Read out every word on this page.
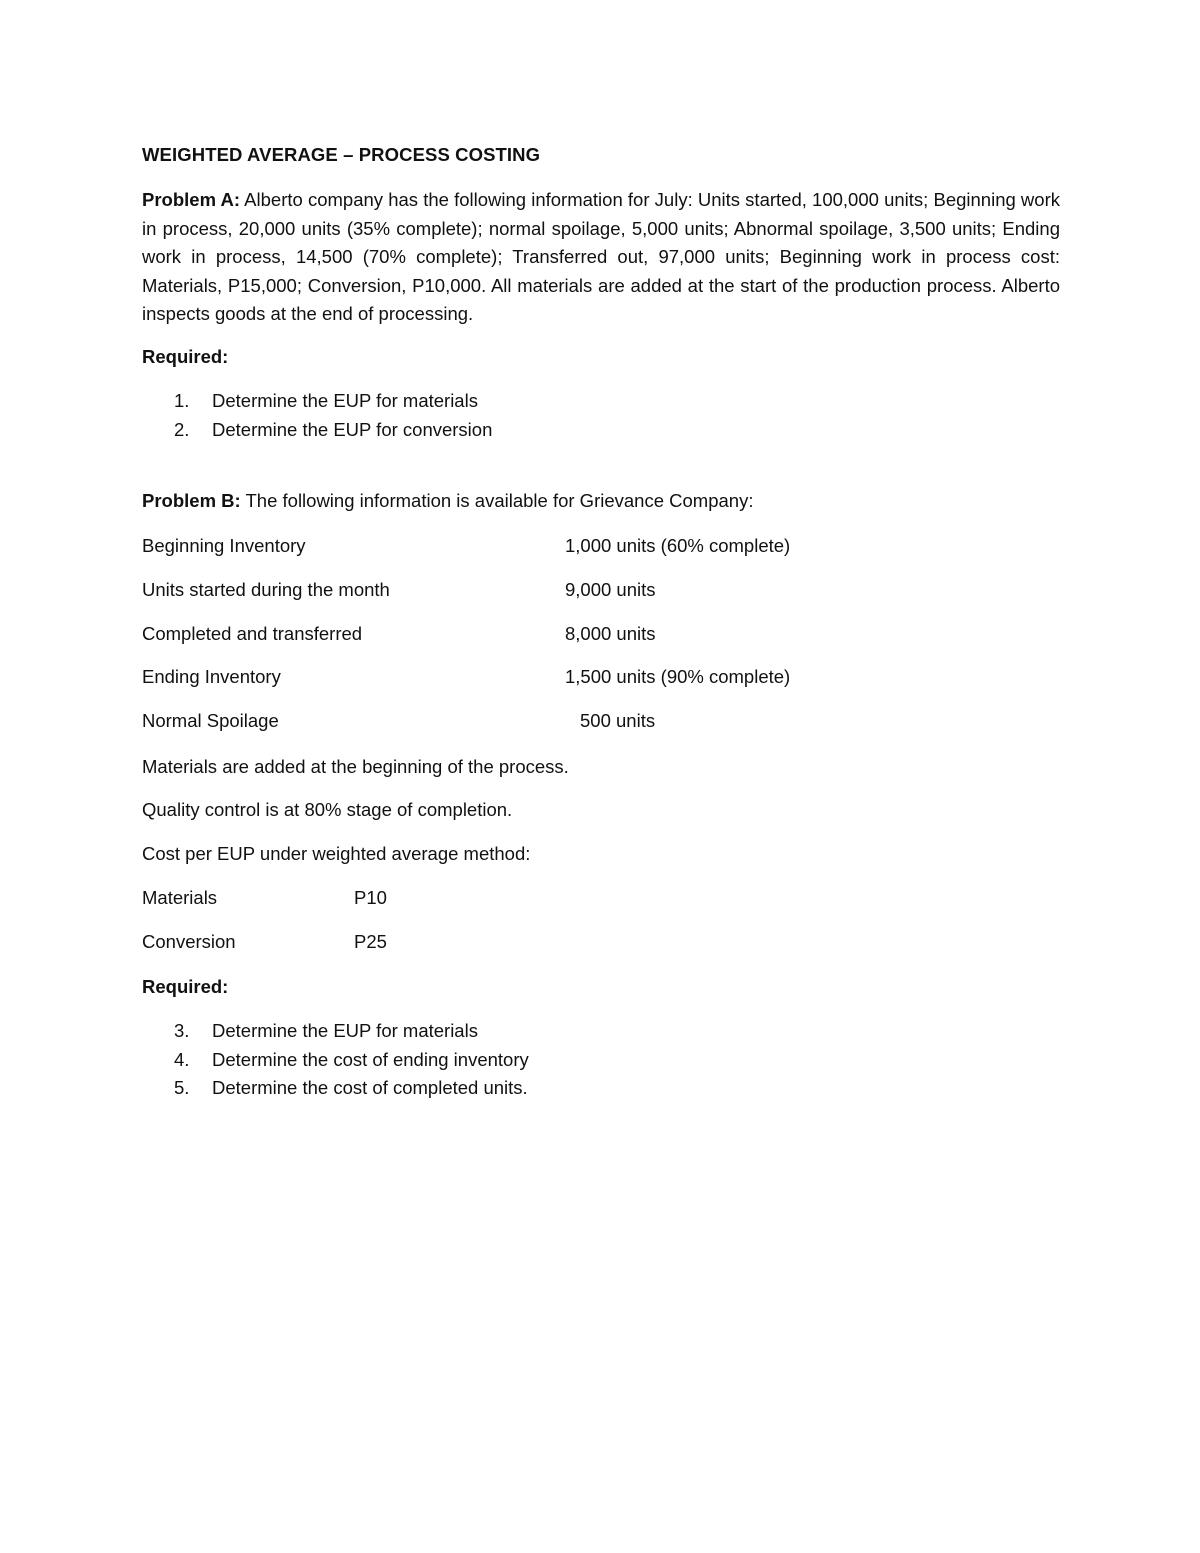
WEIGHTED AVERAGE – PROCESS COSTING
Problem A: Alberto company has the following information for July: Units started, 100,000 units; Beginning work in process, 20,000 units (35% complete); normal spoilage, 5,000 units; Abnormal spoilage, 3,500 units; Ending work in process, 14,500 (70% complete); Transferred out, 97,000 units; Beginning work in process cost: Materials, P15,000; Conversion, P10,000. All materials are added at the start of the production process. Alberto inspects goods at the end of processing.
Required:
1. Determine the EUP for materials
2. Determine the EUP for conversion
Problem B: The following information is available for Grievance Company:
Beginning Inventory	1,000 units (60% complete)
Units started during the month	9,000 units
Completed and transferred	8,000 units
Ending Inventory	1,500 units (90% complete)
Normal Spoilage	500 units
Materials are added at the beginning of the process.
Quality control is at 80% stage of completion.
Cost per EUP under weighted average method:
Materials	P10
Conversion	P25
Required:
3. Determine the EUP for materials
4. Determine the cost of ending inventory
5. Determine the cost of completed units.
